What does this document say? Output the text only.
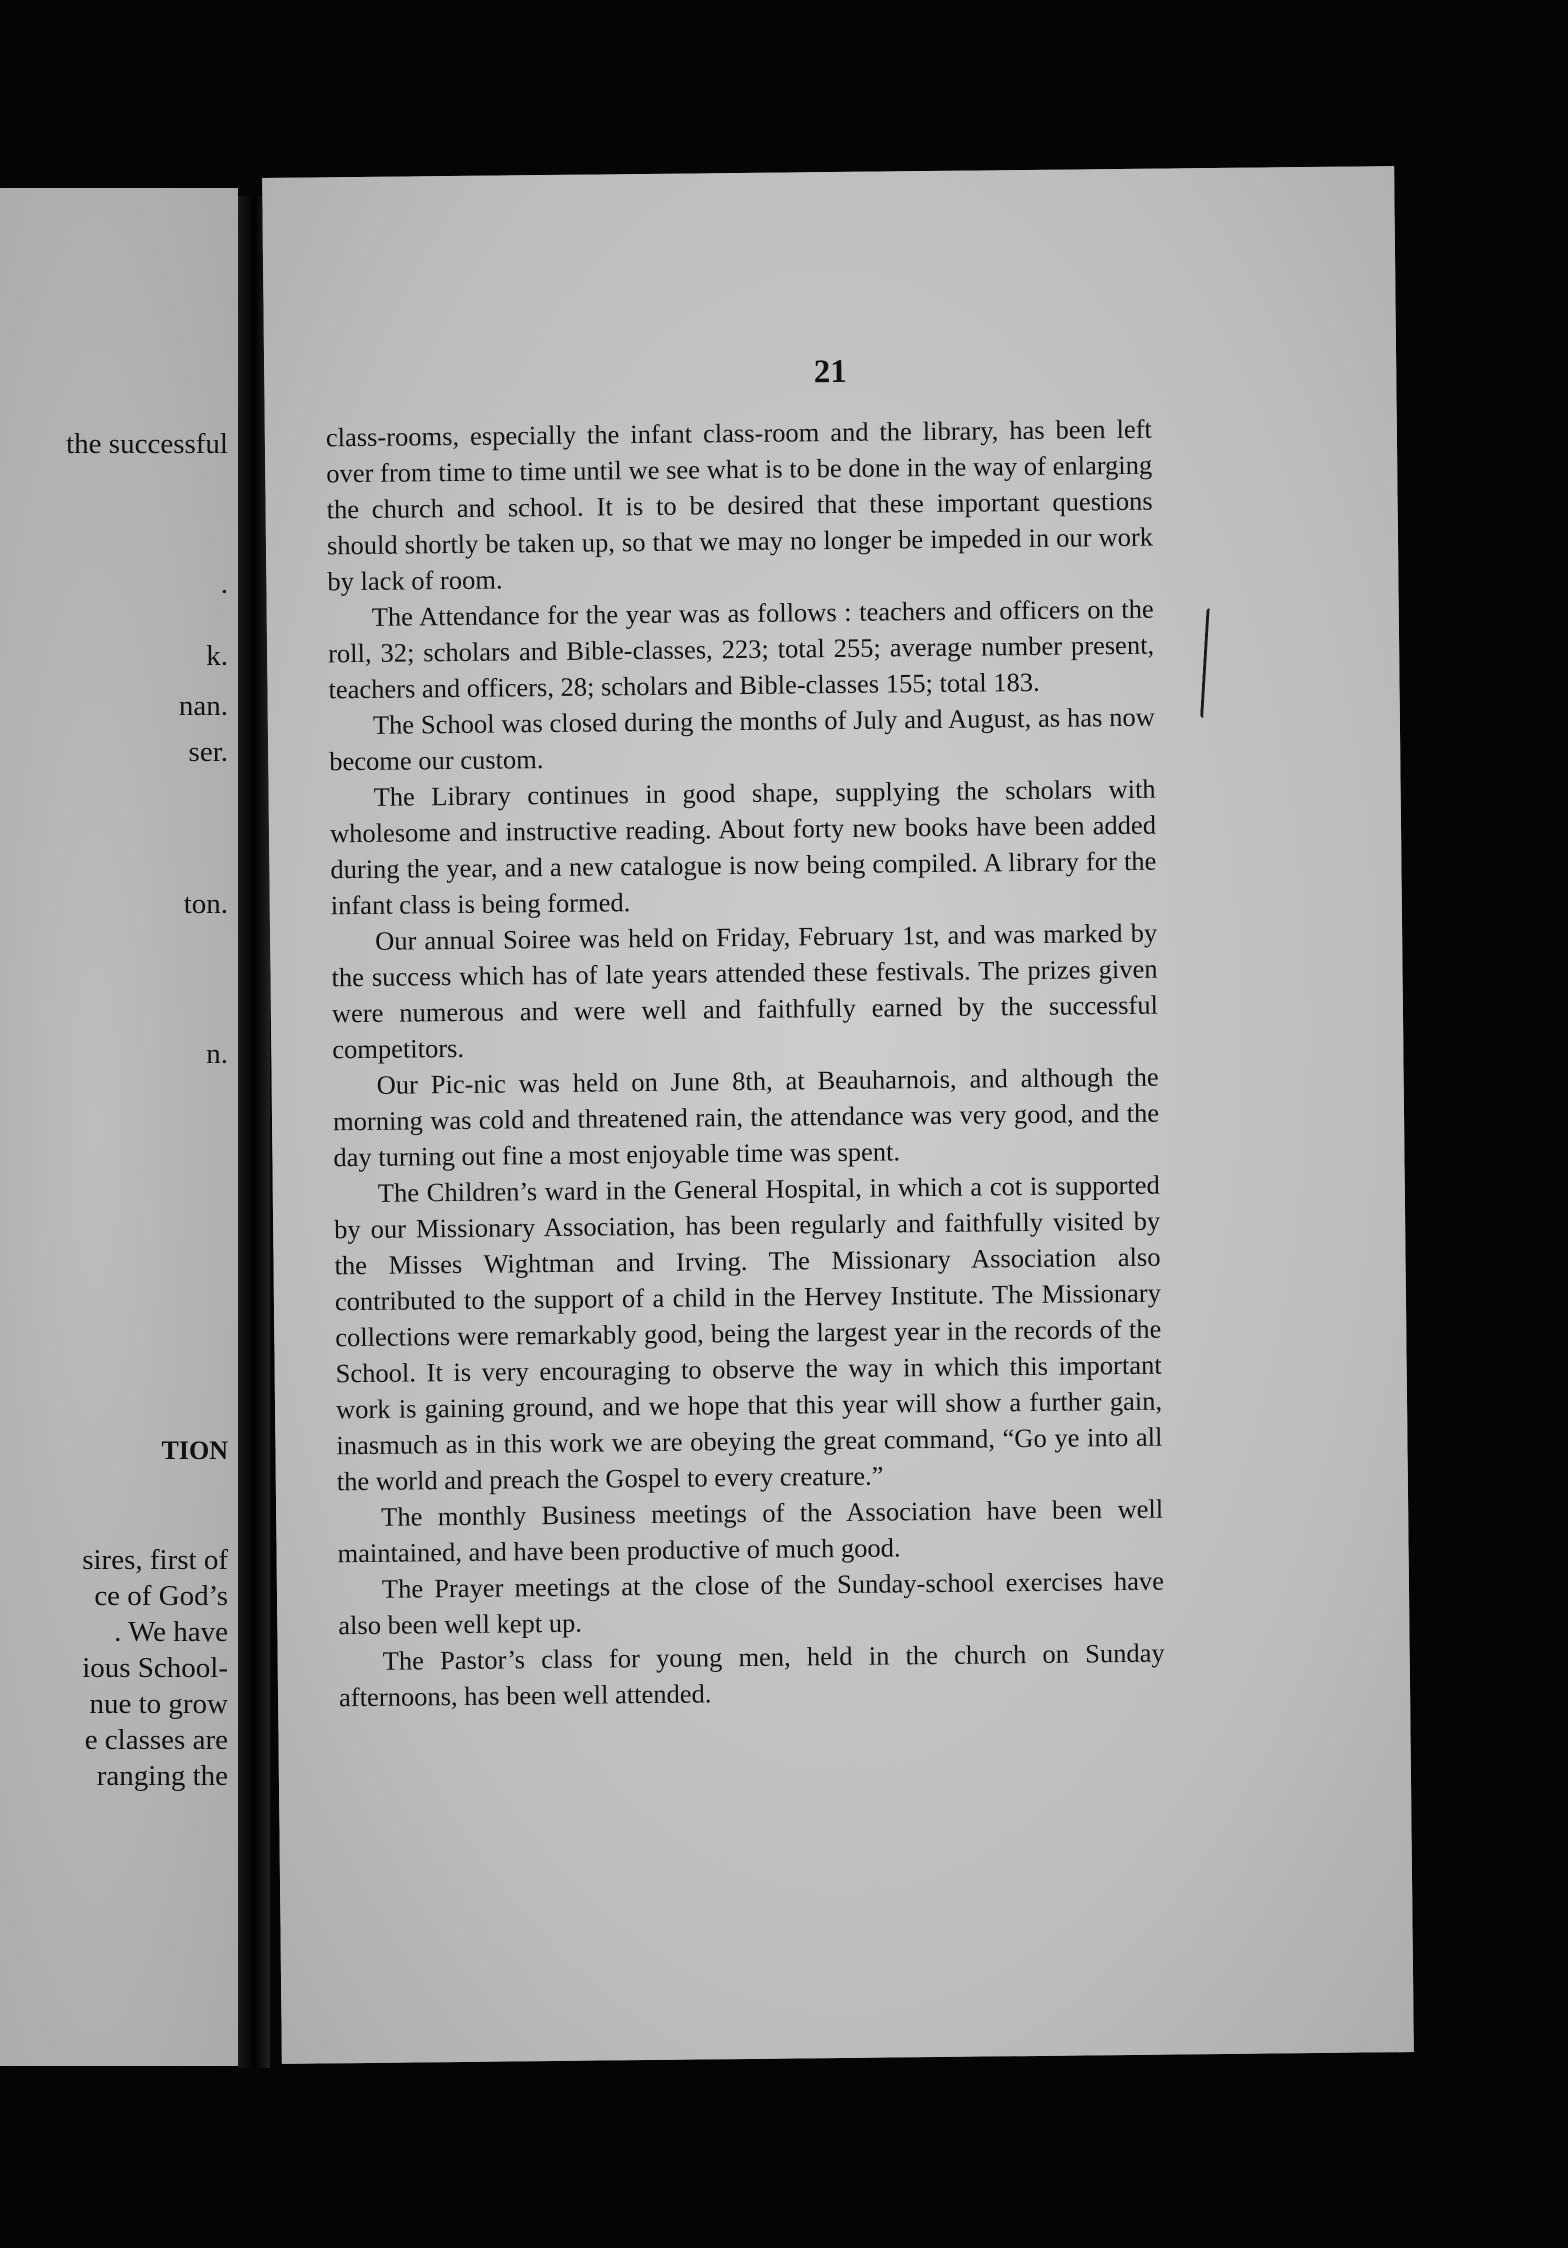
the successful
.
k.
nan.
ser.
ton.
n.
TION
sires, first of
ce of God’s
. We have
ious School-
nue to grow
e classes are
ranging the
21

class-rooms, especially the infant class-room and the library, has been left over from time to time until we see what is to be done in the way of enlarging the church and school. It is to be desired that these important questions should shortly be taken up, so that we may no longer be impeded in our work by lack of room.

The Attendance for the year was as follows : teachers and officers on the roll, 32; scholars and Bible-classes, 223; total 255; average number present, teachers and officers, 28; scholars and Bible-classes 155; total 183.

The School was closed during the months of July and August, as has now become our custom.

The Library continues in good shape, supplying the scholars with wholesome and instructive reading. About forty new books have been added during the year, and a new catalogue is now being compiled. A library for the infant class is being formed.

Our annual Soiree was held on Friday, February 1st, and was marked by the success which has of late years attended these festivals. The prizes given were numerous and were well and faithfully earned by the successful competitors.

Our Pic-nic was held on June 8th, at Beauharnois, and although the morning was cold and threatened rain, the attendance was very good, and the day turning out fine a most enjoyable time was spent.

The Children’s ward in the General Hospital, in which a cot is supported by our Missionary Association, has been regularly and faithfully visited by the Misses Wightman and Irving. The Missionary Association also contributed to the support of a child in the Hervey Institute. The Missionary collections were remarkably good, being the largest year in the records of the School. It is very encouraging to observe the way in which this important work is gaining ground, and we hope that this year will show a further gain, inasmuch as in this work we are obeying the great command, “Go ye into all the world and preach the Gospel to every creature.”

The monthly Business meetings of the Association have been well maintained, and have been productive of much good.

The Prayer meetings at the close of the Sunday-school exercises have also been well kept up.

The Pastor’s class for young men, held in the church on Sunday afternoons, has been well attended.
